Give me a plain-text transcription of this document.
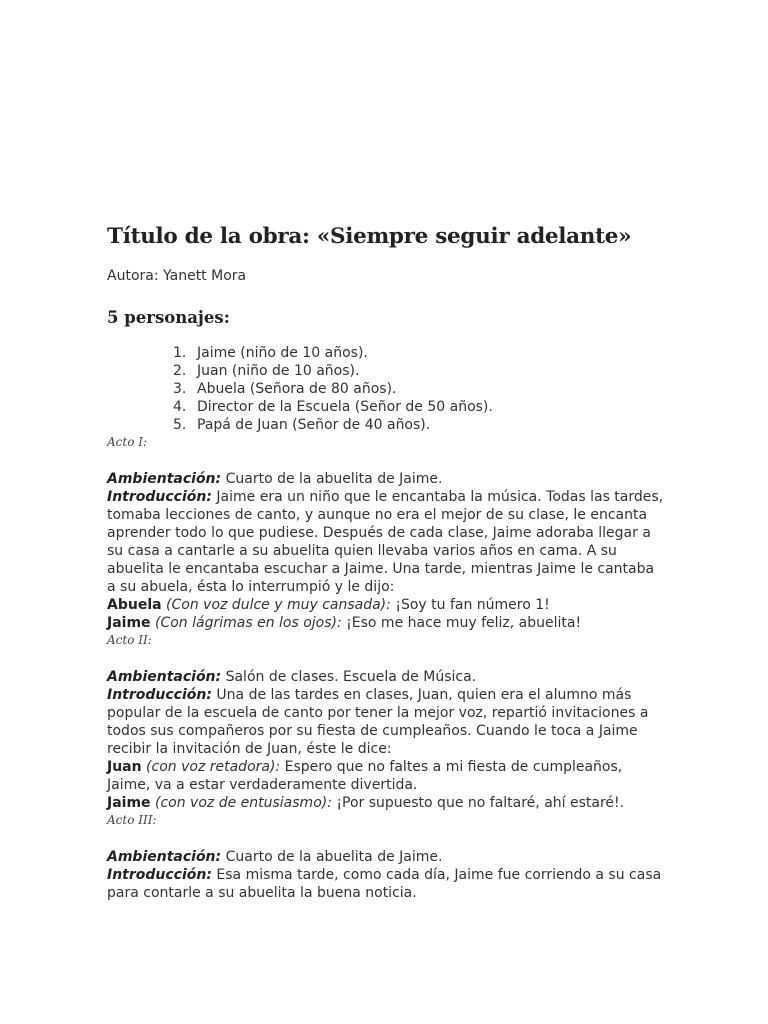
Título de la obra: «Siempre seguir adelante»

Autora: Yanett Mora

5 personajes:
1. Jaime (niño de 10 años).
2. Juan (niño de 10 años).
3. Abuela (Señora de 80 años).
4. Director de la Escuela (Señor de 50 años).
5. Papá de Juan (Señor de 40 años).
Acto I:

Ambientación: Cuarto de la abuelita de Jaime.

Introducción: Jaime era un niño que le encantaba la música. Todas las tardes, tomaba lecciones de canto, y aunque no era el mejor de su clase, le encanta aprender todo lo que pudiese. Después de cada clase, Jaime adoraba llegar a su casa a cantarle a su abuelita quien llevaba varios años en cama. A su abuelita le encantaba escuchar a Jaime. Una tarde, mientras Jaime le cantaba a su abuela, ésta lo interrumpió y le dijo:

Abuela (Con voz dulce y muy cansada): ¡Soy tu fan número 1!

Jaime (Con lágrimas en los ojos): ¡Eso me hace muy feliz, abuelita!

Acto II:

Ambientación: Salón de clases. Escuela de Música.

Introducción: Una de las tardes en clases, Juan, quien era el alumno más popular de la escuela de canto por tener la mejor voz, repartió invitaciones a todos sus compañeros por su fiesta de cumpleaños. Cuando le toca a Jaime recibir la invitación de Juan, éste le dice:

Juan (con voz retadora): Espero que no faltes a mi fiesta de cumpleaños, Jaime, va a estar verdaderamente divertida.

Jaime (con voz de entusiasmo): ¡Por supuesto que no faltaré, ahí estaré!.

Acto III:

Ambientación: Cuarto de la abuelita de Jaime.

Introducción: Esa misma tarde, como cada día, Jaime fue corriendo a su casa para contarle a su abuelita la buena noticia.
